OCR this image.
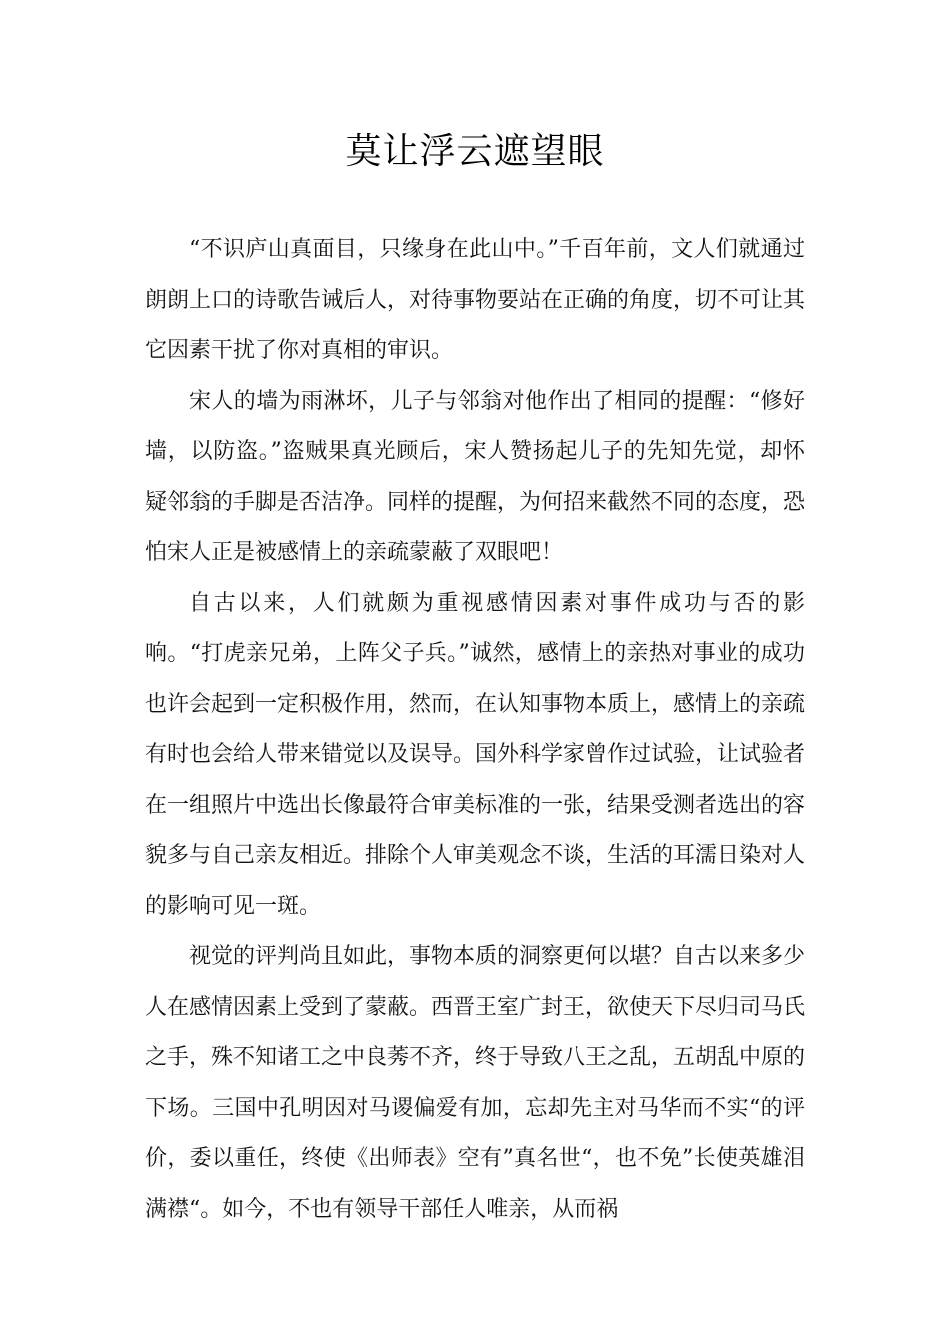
莫让浮云遮望眼

“不识庐山真面目，只缘身在此山中。”千百年前，文人们就通过朗朗上口的诗歌告诫后人，对待事物要站在正确的角度，切不可让其它因素干扰了你对真相的审识。

宋人的墙为雨淋坏，儿子与邻翁对他作出了相同的提醒：“修好墙，以防盗。”盗贼果真光顾后，宋人赞扬起儿子的先知先觉，却怀疑邻翁的手脚是否洁净。同样的提醒，为何招来截然不同的态度，恐怕宋人正是被感情上的亲疏蒙蔽了双眼吧！

自古以来，人们就颇为重视感情因素对事件成功与否的影响。“打虎亲兄弟，上阵父子兵。”诚然，感情上的亲热对事业的成功也许会起到一定积极作用，然而，在认知事物本质上，感情上的亲疏有时也会给人带来错觉以及误导。国外科学家曾作过试验，让试验者在一组照片中选出长像最符合审美标准的一张，结果受测者选出的容貌多与自己亲友相近。排除个人审美观念不谈，生活的耳濡日染对人的影响可见一斑。

视觉的评判尚且如此，事物本质的洞察更何以堪？自古以来多少人在感情因素上受到了蒙蔽。西晋王室广封王，欲使天下尽归司马氏之手，殊不知诸工之中良莠不齐，终于导致八王之乱，五胡乱中原的下场。三国中孔明因对马谡偏爱有加，忘却先主对马华而不实“的评价，委以重任，终使《出师表》空有”真名世“，也不免”长使英雄泪满襟“。如今，不也有领导干部任人唯亲，从而祸
